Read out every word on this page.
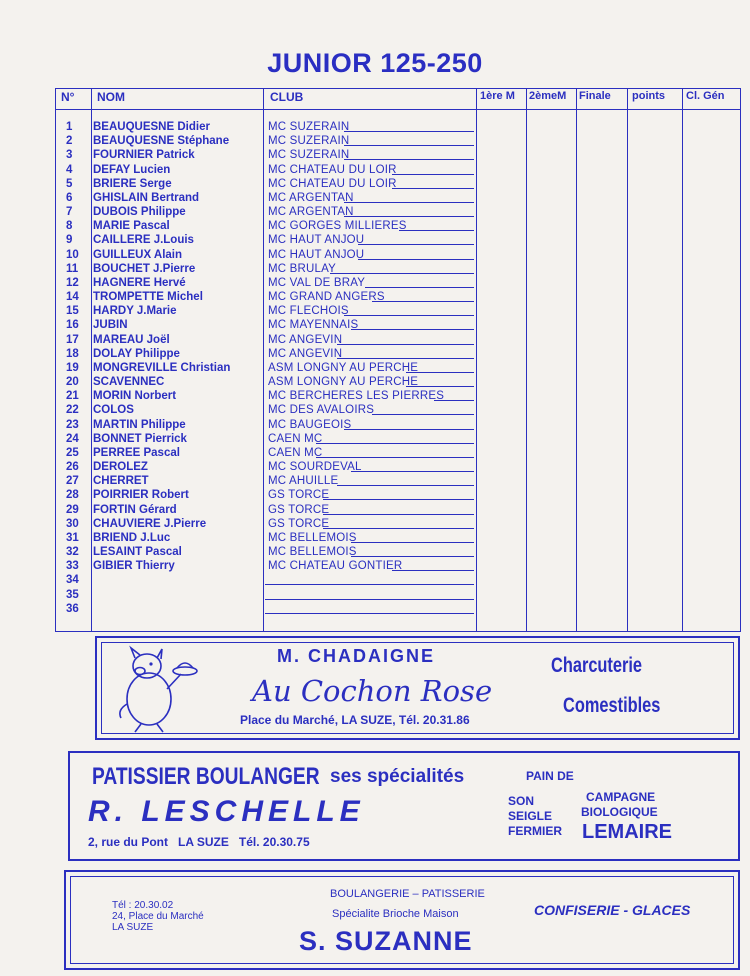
JUNIOR 125-250
N° NOM	CLUB	1ère M 2èmeM Finale points Cl. Gén
1	BEAUQUESNE Didier	MC SUZERAIN
2	BEAUQUESNE Stéphane	MC SUZERAIN
3	FOURNIER Patrick	MC SUZERAIN
4	DEFAY Lucien	MC CHATEAU DU LOIR
5	BRIERE Serge	MC CHATEAU DU LOIR
6	GHISLAIN Bertrand	MC ARGENTAN
7	DUBOIS Philippe	MC ARGENTAN
8	MARIE Pascal	MC GORGES MILLIERES
9	CAILLERE J.Louis	MC HAUT ANJOU
10	GUILLEUX Alain	MC HAUT ANJOU
11	BOUCHET J.Pierre	MC BRULAY
12	HAGNERE Hervé	MC VAL DE BRAY
14	TROMPETTE Michel	MC GRAND ANGERS
15	HARDY J.Marie	MC FLECHOIS
16	JUBIN	MC MAYENNAIS
17	MAREAU Joël	MC ANGEVIN
18	DOLAY Philippe	MC ANGEVIN
19	MONGREVILLE Christian	ASM LONGNY AU PERCHE
20	SCAVENNEC	ASM LONGNY AU PERCHE
21	MORIN Norbert	MC BERCHERES LES PIERRES
22	COLOS	MC DES AVALOIRS
23	MARTIN Philippe	MC BAUGEOIS
24	BONNET Pierrick	CAEN MC
25	PERREE Pascal	CAEN MC
26	DEROLEZ	MC SOURDEVAL
27	CHERRET	MC AHUILLE
28	POIRRIER Robert	GS TORCE
29	FORTIN Gérard	GS TORCE
30	CHAUVIERE J.Pierre	GS TORCE
31	BRIEND J.Luc	MC BELLEMOIS
32	LESAINT Pascal	MC BELLEMOIS
33	GIBIER Thierry	MC CHATEAU GONTIER
34
35
36
M. CHADAIGNE
Au Cochon Rose
Place du Marché, LA SUZE, Tél. 20.31.86
Charcuterie
Comestibles
PATISSIER BOULANGER ses spécialités
R. LESCHELLE
2, rue du Pont   LA SUZE   Tél. 20.30.75
PAIN DE
SON
SEIGLE
FERMIER
CAMPAGNE
BIOLOGIQUE
LEMAIRE
Tél : 20.30.02
24, Place du Marché
LA SUZE
BOULANGERIE – PATISSERIE
Spécialite Brioche Maison	CONFISERIE - GLACES
S. SUZANNE
